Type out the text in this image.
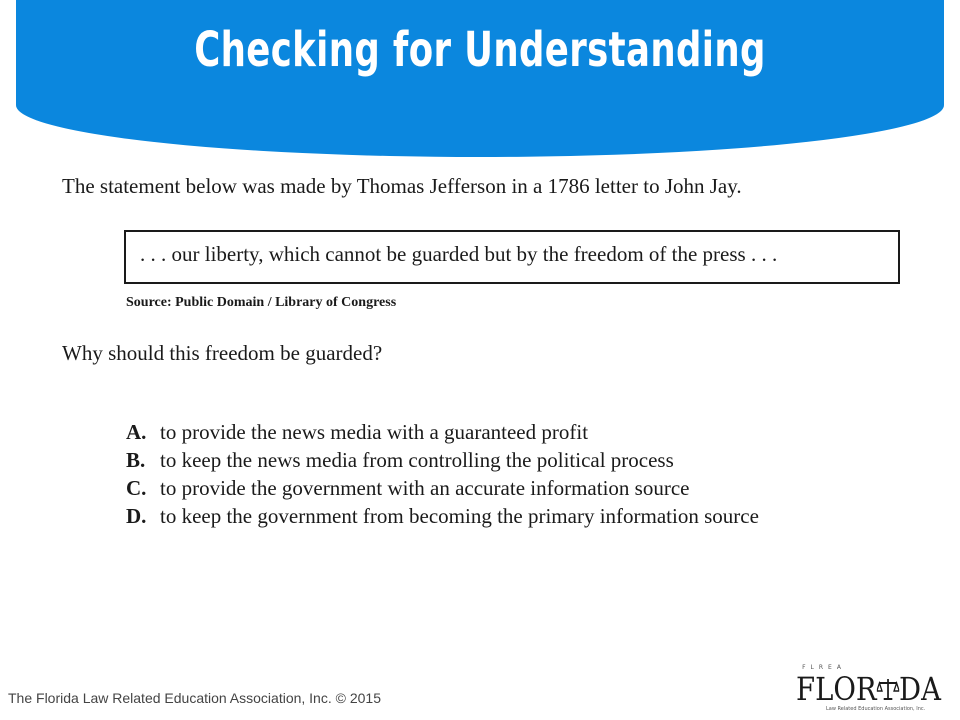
Checking for Understanding
The statement below was made by Thomas Jefferson in a 1786 letter to John Jay.
. . . our liberty, which cannot be guarded but by the freedom of the press . . .
Source: Public Domain / Library of Congress
Why should this freedom be guarded?
A. to provide the news media with a guaranteed profit
B. to keep the news media from controlling the political process
C. to provide the government with an accurate information source
D. to keep the government from becoming the primary information source
The Florida Law Related Education Association, Inc. © 2015
FLREA
FLOR DA
Law Related Education Association, Inc.
